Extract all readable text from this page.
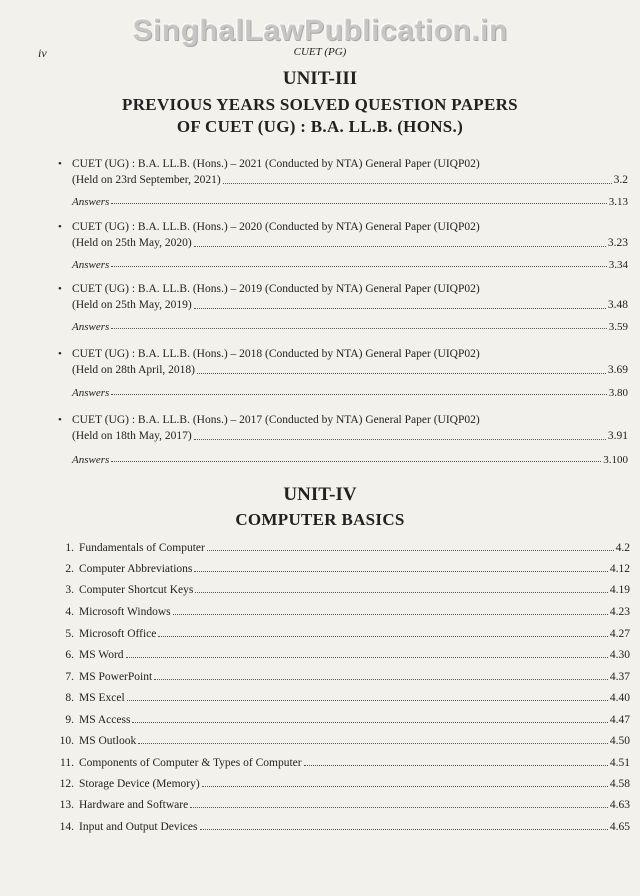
SinghalLawPublication.in
iv	CUET (PG)
UNIT-III
PREVIOUS YEARS SOLVED QUESTION PAPERS
OF CUET (UG) : B.A. LL.B. (HONS.)
• CUET (UG) : B.A. LL.B. (Hons.) – 2021 (Conducted by NTA) General Paper (UIQP02)
(Held on 23rd September, 2021)	3.2
Answers	3.13
• CUET (UG) : B.A. LL.B. (Hons.) – 2020 (Conducted by NTA) General Paper (UIQP02)
(Held on 25th May, 2020)	3.23
Answers	3.34
• CUET (UG) : B.A. LL.B. (Hons.) – 2019 (Conducted by NTA) General Paper (UIQP02)
(Held on 25th May, 2019)	3.48
Answers	3.59
• CUET (UG) : B.A. LL.B. (Hons.) – 2018 (Conducted by NTA) General Paper (UIQP02)
(Held on 28th April, 2018)	3.69
Answers	3.80
• CUET (UG) : B.A. LL.B. (Hons.) – 2017 (Conducted by NTA) General Paper (UIQP02)
(Held on 18th May, 2017)	3.91
Answers	3.100
UNIT-IV
COMPUTER BASICS
1. Fundamentals of Computer	4.2
2. Computer Abbreviations	4.12
3. Computer Shortcut Keys	4.19
4. Microsoft Windows	4.23
5. Microsoft Office	4.27
6. MS Word	4.30
7. MS PowerPoint	4.37
8. MS Excel	4.40
9. MS Access	4.47
10. MS Outlook	4.50
11. Components of Computer & Types of Computer	4.51
12. Storage Device (Memory)	4.58
13. Hardware and Software	4.63
14. Input and Output Devices	4.65
